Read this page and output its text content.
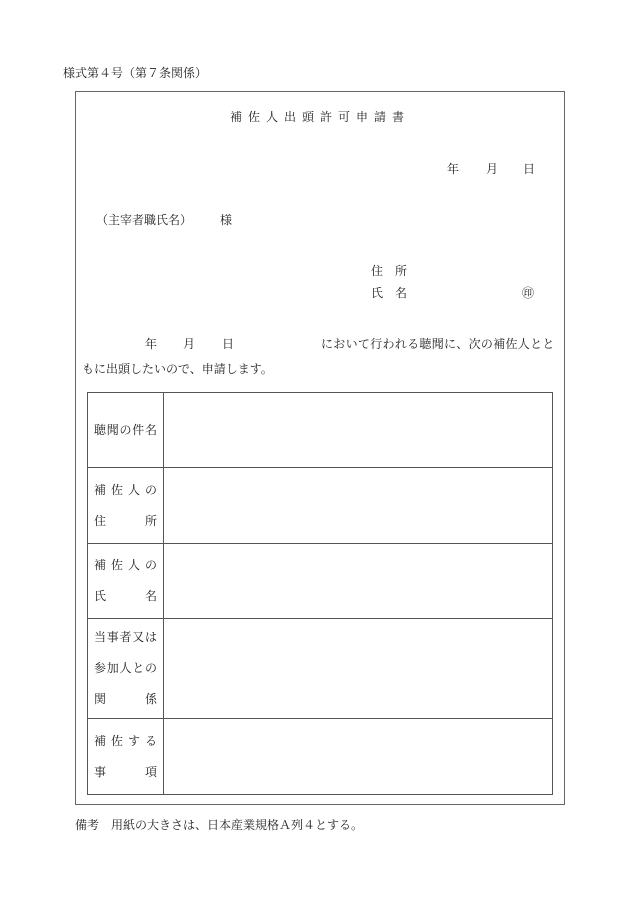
様式第４号（第７条関係）
補佐人出頭許可申請書
年 月 日
（主宰者職氏名） 様
住　所
氏　名	㊞
年 月 日	において行われる聴聞に、次の補佐人とと
もに出頭したいので、申請します。
聴聞の件名	

補佐人の
住所	

補佐人の
氏名	

当事者又は
参加人との
関係	

補佐する
事項	

備考　用紙の大きさは、日本産業規格Ａ列４とする。
